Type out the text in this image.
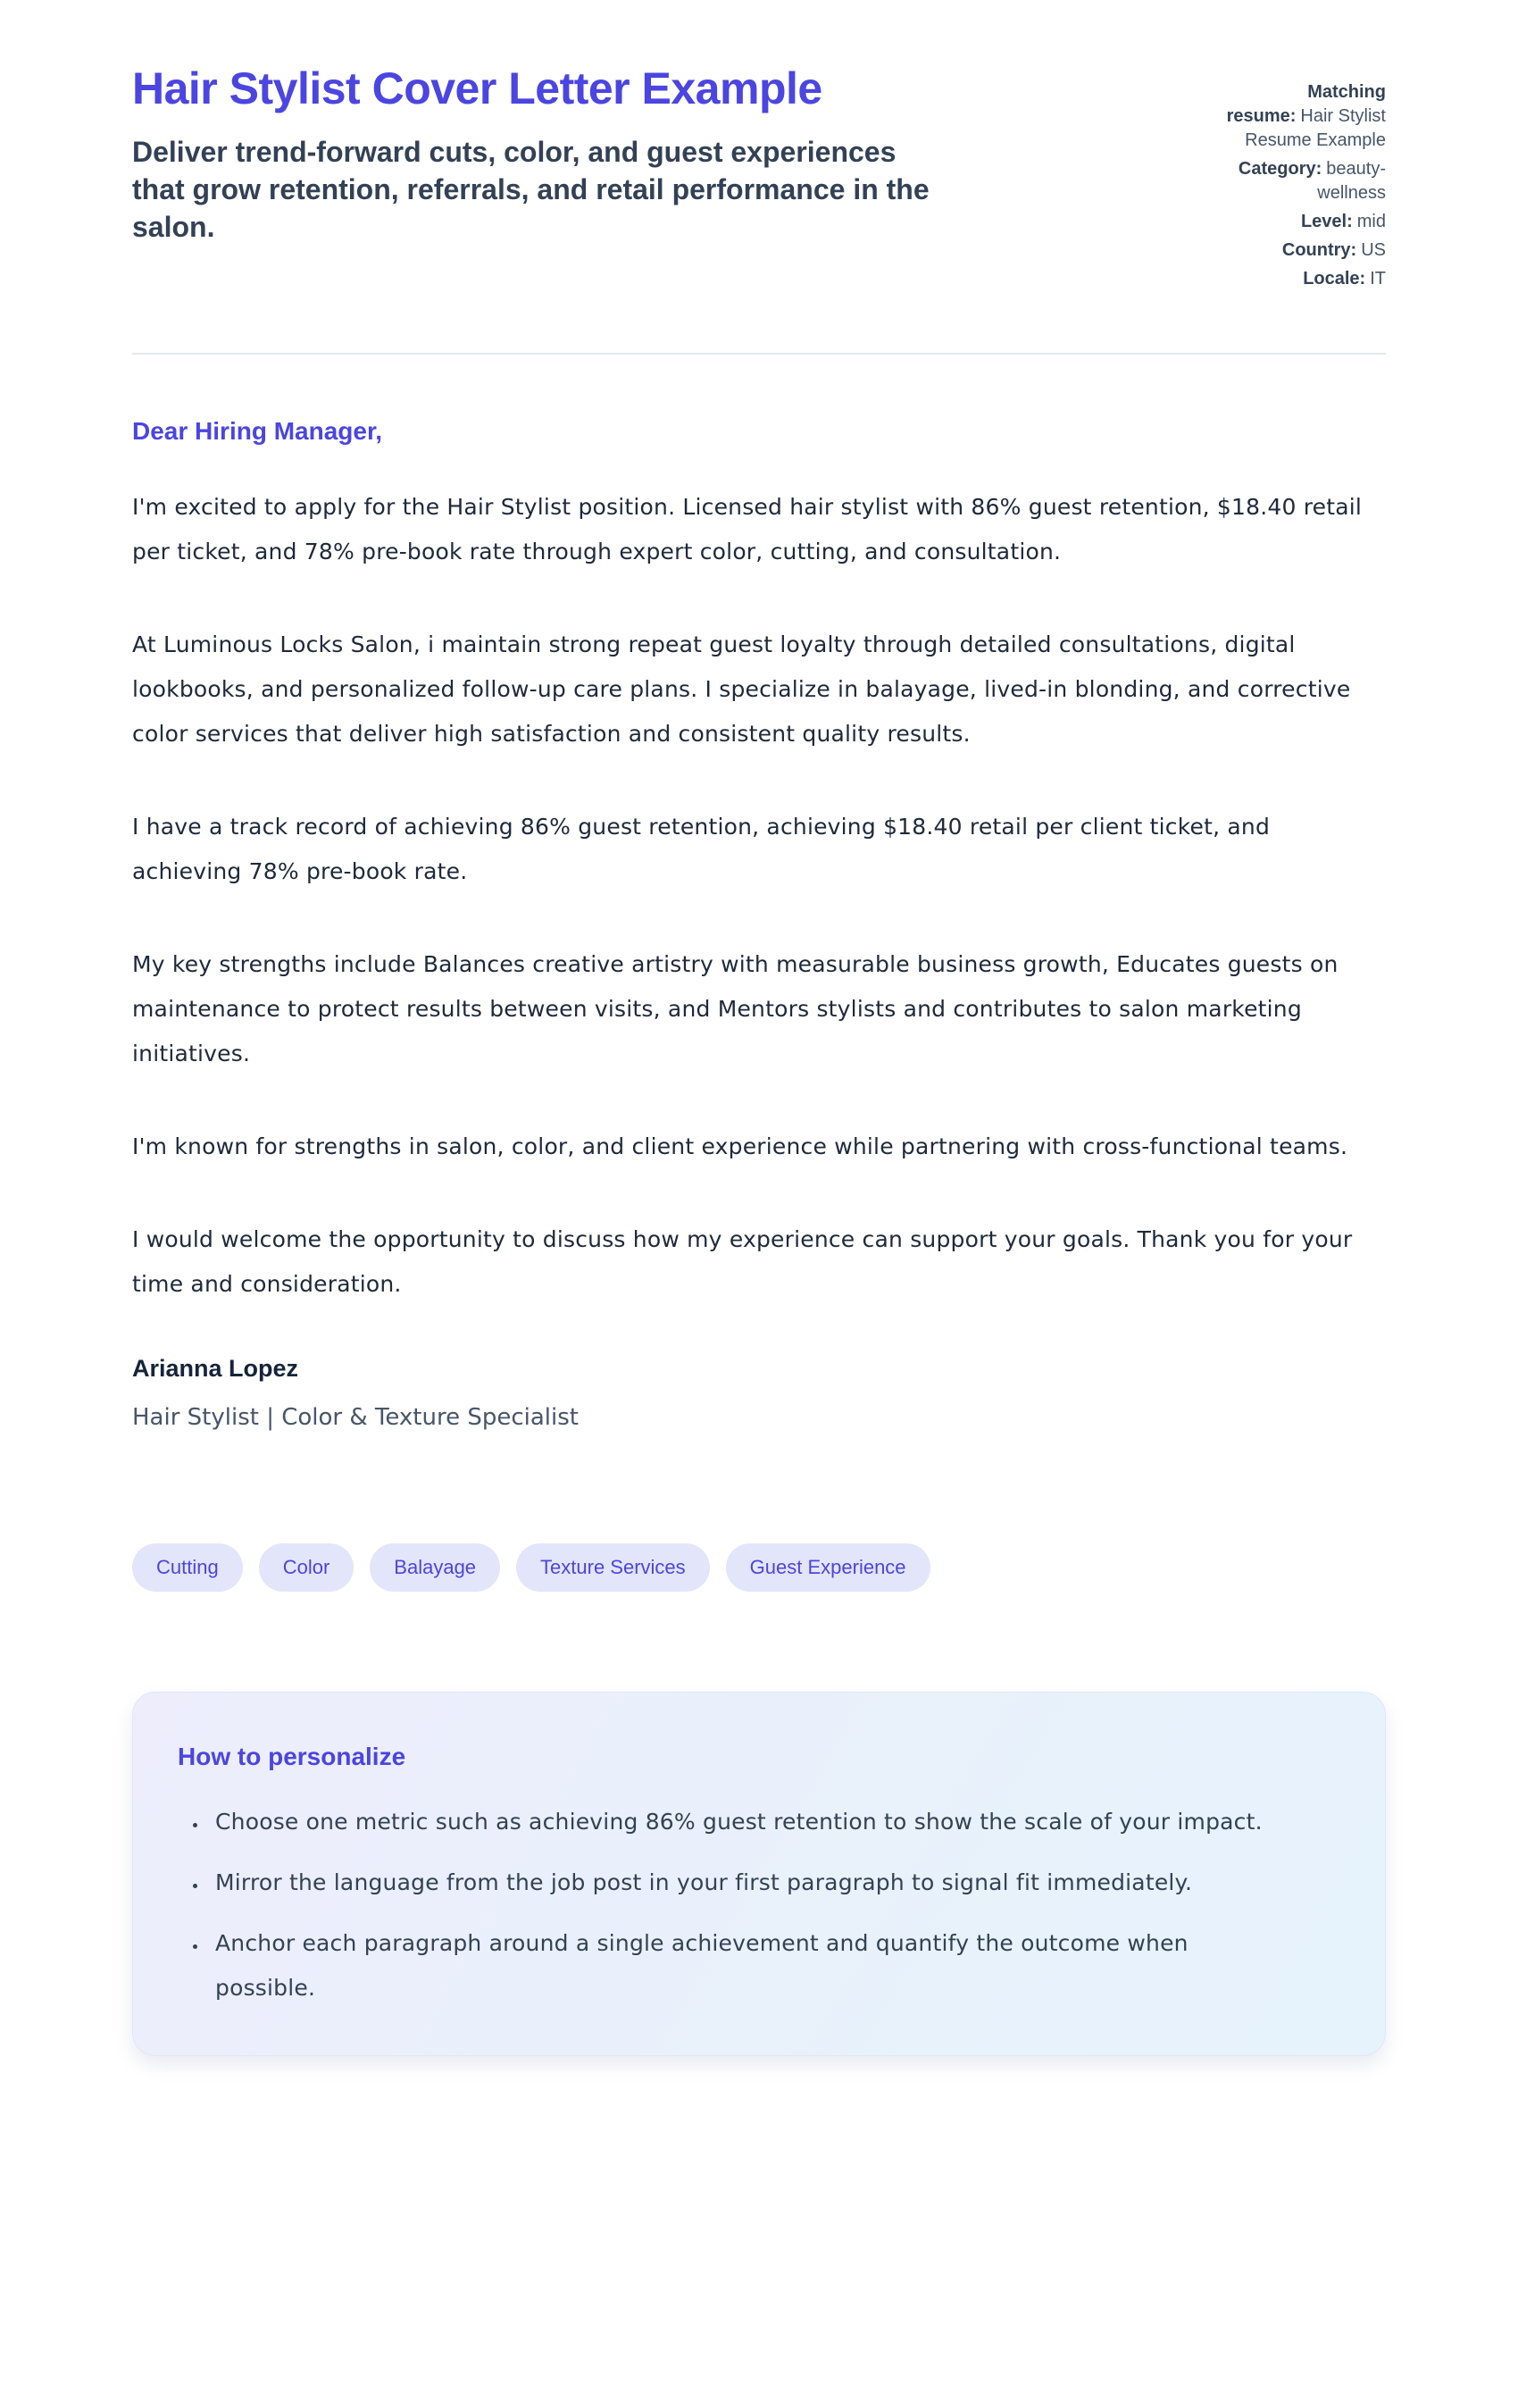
Hair Stylist Cover Letter Example
Deliver trend-forward cuts, color, and guest experiences that grow retention, referrals, and retail performance in the salon.
Matching resume: Hair Stylist Resume Example
Category: beauty-wellness
Level: mid
Country: US
Locale: IT
Dear Hiring Manager,

I'm excited to apply for the Hair Stylist position. Licensed hair stylist with 86% guest retention, $18.40 retail per ticket, and 78% pre-book rate through expert color, cutting, and consultation.

At Luminous Locks Salon, i maintain strong repeat guest loyalty through detailed consultations, digital lookbooks, and personalized follow-up care plans. I specialize in balayage, lived-in blonding, and corrective color services that deliver high satisfaction and consistent quality results.

I have a track record of achieving 86% guest retention, achieving $18.40 retail per client ticket, and achieving 78% pre-book rate.

My key strengths include Balances creative artistry with measurable business growth, Educates guests on maintenance to protect results between visits, and Mentors stylists and contributes to salon marketing initiatives.

I'm known for strengths in salon, color, and client experience while partnering with cross-functional teams.

I would welcome the opportunity to discuss how my experience can support your goals. Thank you for your time and consideration.

Arianna Lopez
Hair Stylist | Color & Texture Specialist
Cutting	Color	Balayage	Texture Services	Guest Experience
How to personalize
• Choose one metric such as achieving 86% guest retention to show the scale of your impact.
• Mirror the language from the job post in your first paragraph to signal fit immediately.
• Anchor each paragraph around a single achievement and quantify the outcome when possible.
